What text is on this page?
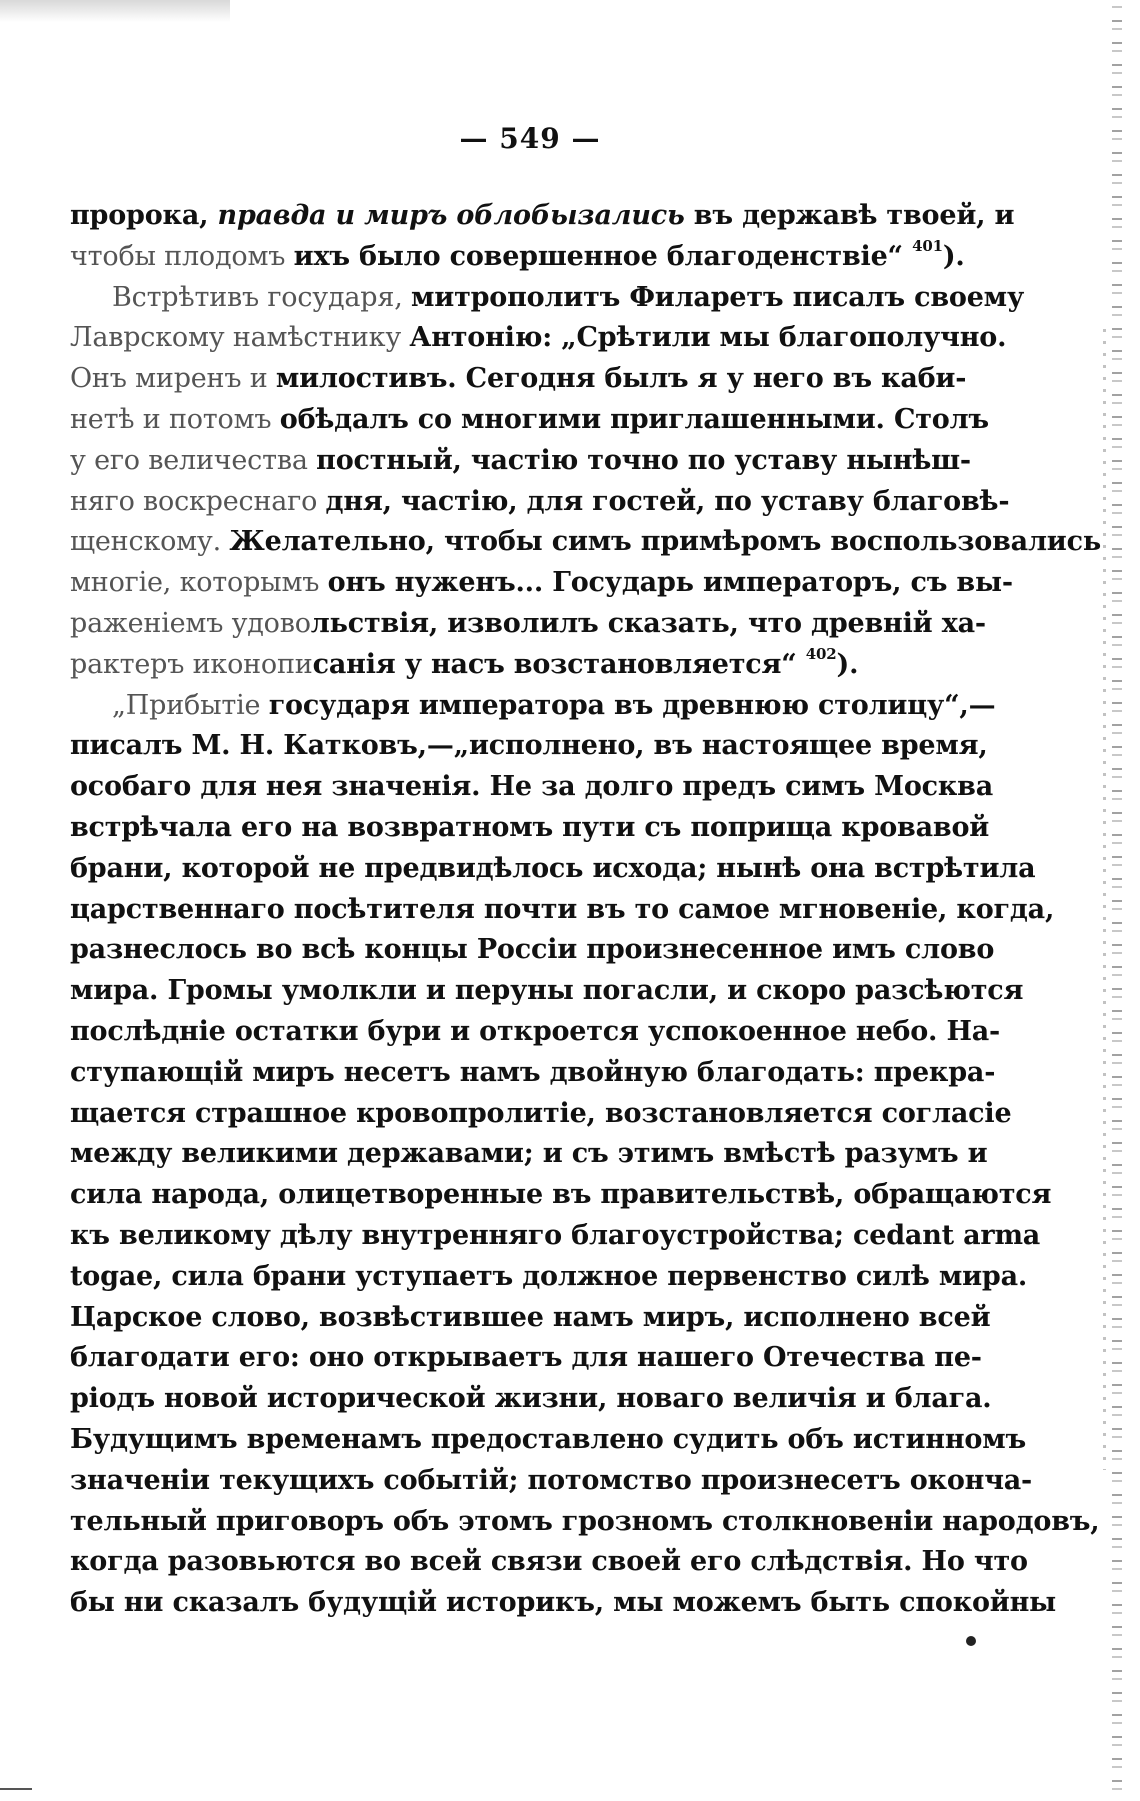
— 549 —
пророка, правда и миръ облобызались въ державѣ твоей, и
чтобы плодомъ ихъ было совершенное благоденствіе“ $^{401}$).
Встрѣтивъ государя, митрополитъ Филаретъ писалъ своему
Лаврскому намѣстнику Антонію: „Срѣтили мы благополучно.
Онъ миренъ и милостивъ. Сегодня былъ я у него въ каби-
нетѣ и потомъ обѣдалъ со многими приглашенными. Столъ
у его величества постный, частію точно по уставу нынѣш-
няго воскреснаго дня, частію, для гостей, по уставу благовѣ-
щенскому. Желательно, чтобы симъ примѣромъ воспользовались
многіе, которымъ онъ нуженъ... Государь императоръ, съ вы-
раженіемъ удовольствія, изволилъ сказать, что древній ха-
рактеръ иконописанія у насъ возстановляется“ $^{402}$).
„Прибытіе государя императора въ древнюю столицу“,—
писалъ М. Н. Катковъ,—„исполнено, въ настоящее время,
особаго для нея значенія. Не за долго предъ симъ Москва
встрѣчала его на возвратномъ пути съ поприща кровавой
брани, которой не предвидѣлось исхода; нынѣ она встрѣтила
царственнаго посѣтителя почти въ то самое мгновеніе, когда,
разнеслось во всѣ концы Россіи произнесенное имъ слово
мира. Громы умолкли и перуны погасли, и скоро разсѣются
послѣдніе остатки бури и откроется успокоенное небо. На-
ступающій миръ несетъ намъ двойную благодать: прекра-
щается страшное кровопролитіе, возстановляется согласіе
между великими державами; и съ этимъ вмѣстѣ разумъ и
сила народа, олицетворенные въ правительствѣ, обращаются
къ великому дѣлу внутренняго благоустройства; cedant arma
togae, сила брани уступаетъ должное первенство силѣ мира.
Царское слово, возвѣстившее намъ миръ, исполнено всей
благодати его: оно открываетъ для нашего Отечества пе-
ріодъ новой исторической жизни, новаго величія и блага.
Будущимъ временамъ предоставлено судить объ истинномъ
значеніи текущихъ событій; потомство произнесетъ оконча-
тельный приговоръ объ этомъ грозномъ столкновеніи народовъ,
когда разовьются во всей связи своей его слѣдствія. Но что
бы ни сказалъ будущій историкъ, мы можемъ быть спокойны
